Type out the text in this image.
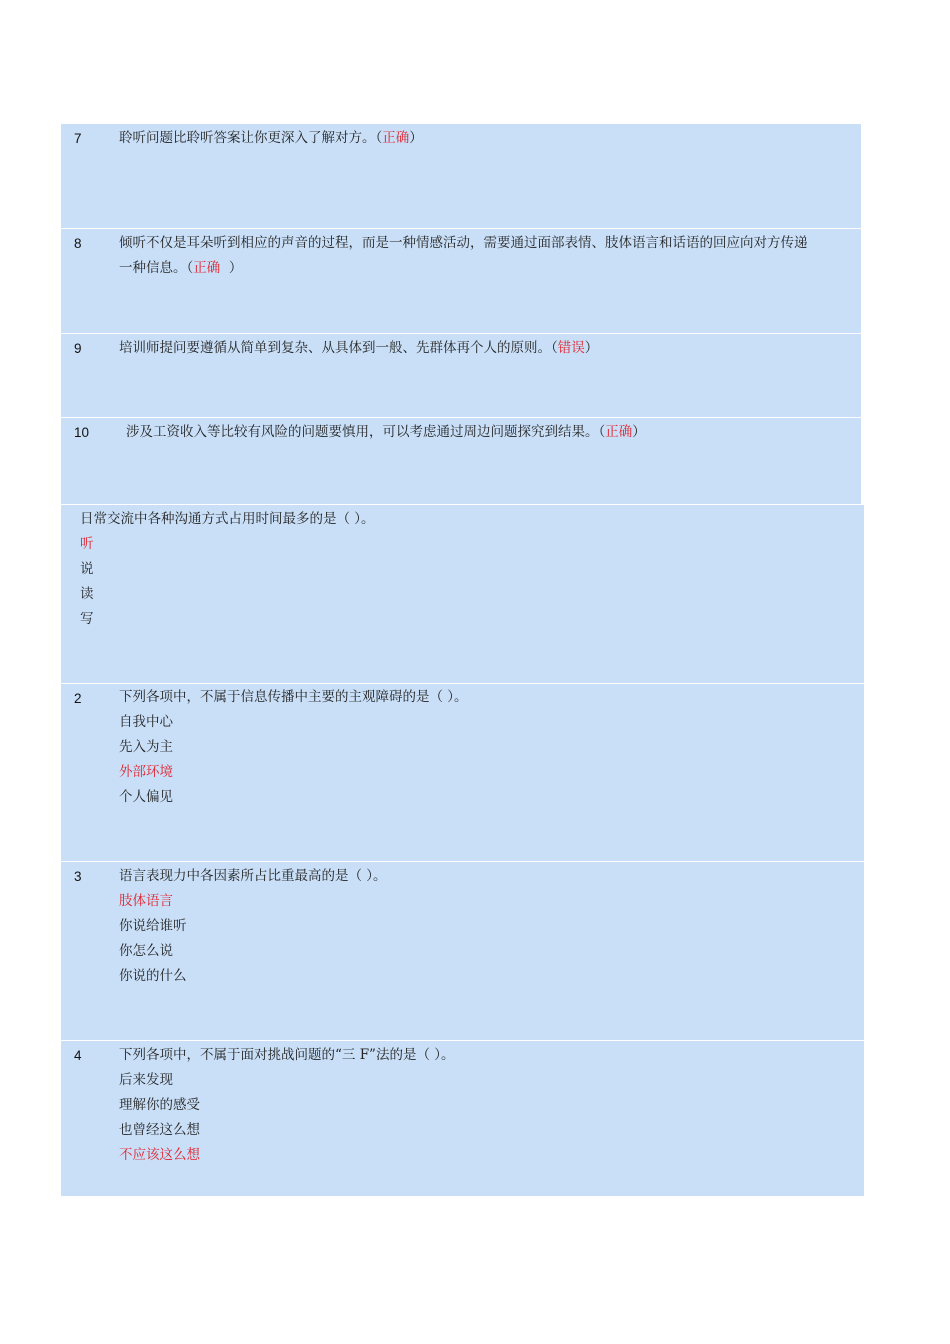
7	聆听问题比聆听答案让你更深入了解对方。（正确）
8	倾听不仅是耳朵听到相应的声音的过程，而是一种情感活动，需要通过面部表情、肢体语言和话语的回应向对方传递
一种信息。（正确  ）
9	培训师提问要遵循从简单到复杂、从具体到一般、先群体再个人的原则。（错误）
10	涉及工资收入等比较有风险的问题要慎用，可以考虑通过周边问题探究到结果。（正确）
日常交流中各种沟通方式占用时间最多的是（ ）。
听
说
读
写
2	下列各项中，不属于信息传播中主要的主观障碍的是（ ）。
自我中心
先入为主
外部环境
个人偏见
3	语言表现力中各因素所占比重最高的是（ ）。
肢体语言
你说给谁听
你怎么说
你说的什么
4	下列各项中，不属于面对挑战问题的“三 F”法的是（ ）。
后来发现
理解你的感受
也曾经这么想
不应该这么想
